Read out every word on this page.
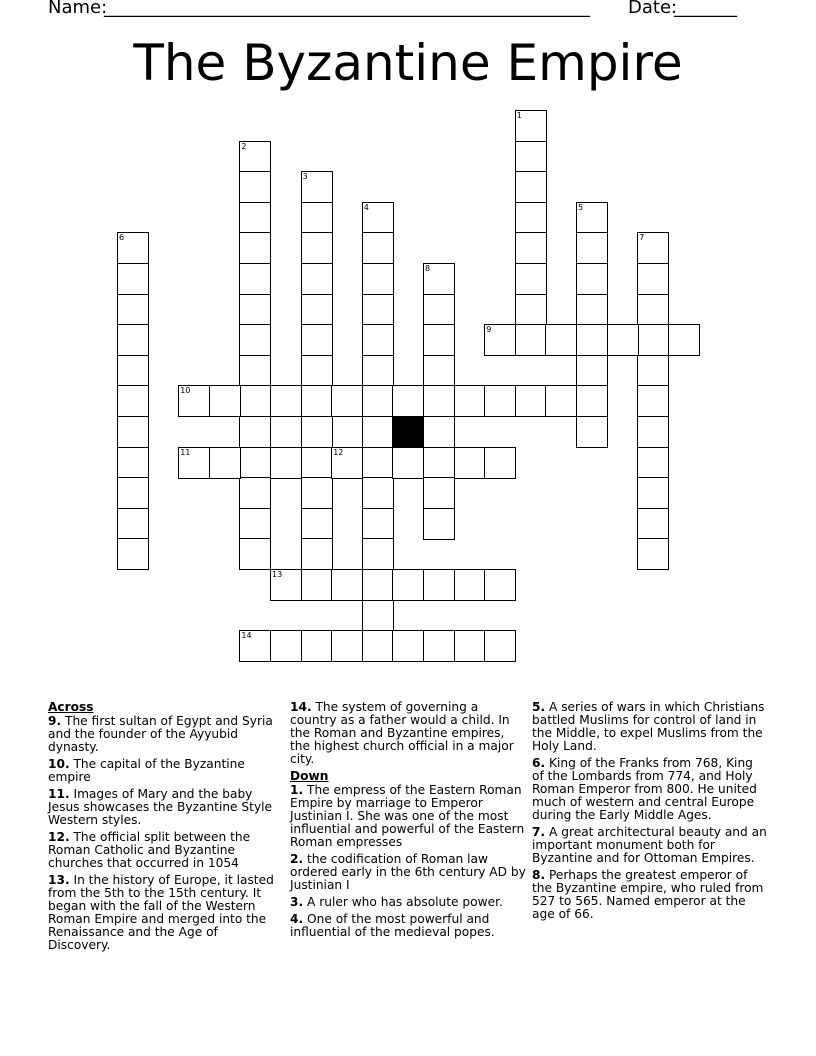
Name:
______________________________________________________ Date:
_______
The Byzantine Empire
1
2
3
4	5
6	7
8
9
10
11	12
13
14
Across
9. The first sultan of Egypt and Syria and the founder of the Ayyubid dynasty.
10. The capital of the Byzantine empire
11. Images of Mary and the baby Jesus showcases the Byzantine Style Western styles.
12. The official split between the Roman Catholic and Byzantine churches that occurred in 1054
13. In the history of Europe, it lasted from the 5th to the 15th century. It began with the fall of the Western Roman Empire and merged into the Renaissance and the Age of Discovery.
14. The system of governing a country as a father would a child. In the Roman and Byzantine empires, the highest church official in a major city.
Down
1. The empress of the Eastern Roman Empire by marriage to Emperor Justinian I. She was one of the most influential and powerful of the Eastern Roman empresses
2. the codification of Roman law ordered early in the 6th century AD by Justinian I
3. A ruler who has absolute power.
4. One of the most powerful and influential of the medieval popes.
5. A series of wars in which Christians battled Muslims for control of land in the Middle, to expel Muslims from the Holy Land.
6. King of the Franks from 768, King of the Lombards from 774, and Holy Roman Emperor from 800. He united much of western and central Europe during the Early Middle Ages.
7. A great architectural beauty and an important monument both for Byzantine and for Ottoman Empires.
8. Perhaps the greatest emperor of the Byzantine empire, who ruled from 527 to 565. Named emperor at the age of 66.
